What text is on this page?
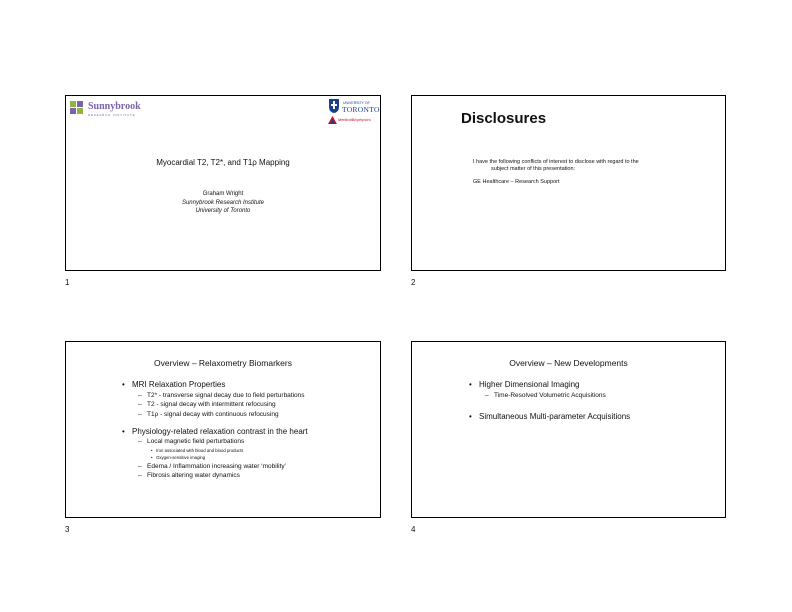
Sunnybrook
RESEARCH INSTITUTE
UNIVERSITY OF
TORONTO
MedicalBiophysics
Myocardial T2, T2*, and T1ρ Mapping
Graham Wright
Sunnybrook Research Institute
University of Toronto
1
Disclosures
I have the following conflicts of interest to disclose with regard to the
subject matter of this presentation:
GE Healthcare – Research Support
2
Overview – Relaxometry Biomarkers
• MRI Relaxation Properties
– T2* - transverse signal decay due to field perturbations
– T2 - signal decay with intermittent refocusing
– T1ρ - signal decay with continuous refocusing
• Physiology-related relaxation contrast in the heart
– Local magnetic field perturbations
• Iron associated with blood and blood products
• Oxygen-sensitive imaging
– Edema / Inflammation increasing water ‘mobility’
– Fibrosis altering water dynamics
3
Overview – New Developments
• Higher Dimensional Imaging
– Time-Resolved Volumetric Acquisitions
• Simultaneous Multi-parameter Acquisitions
4
